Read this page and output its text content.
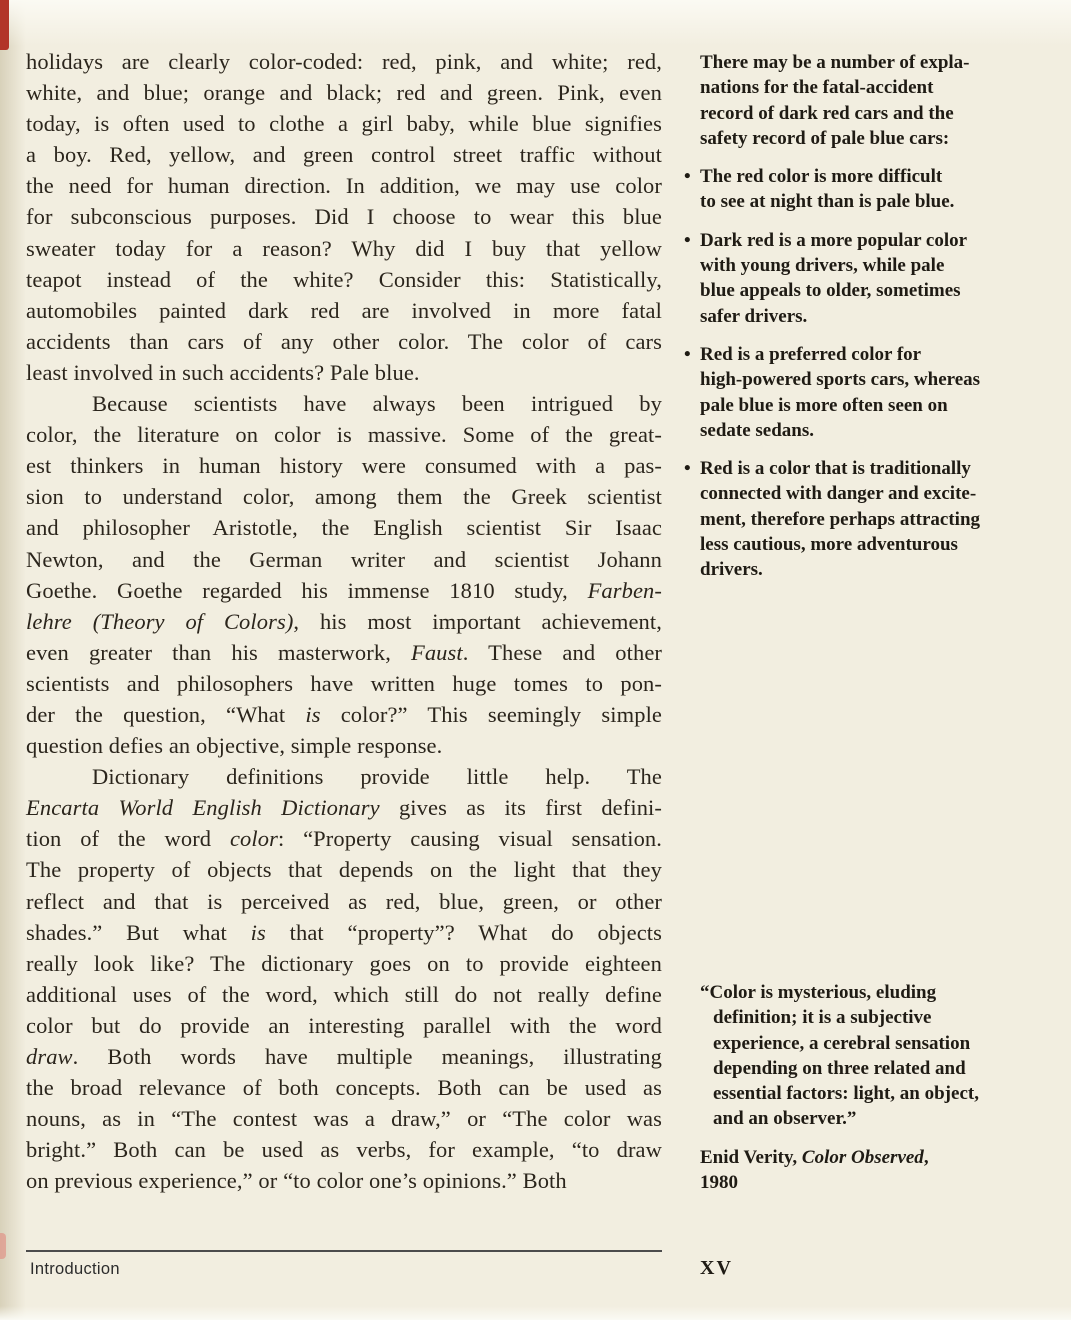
holidays are clearly color-coded: red, pink, and white; red,
white, and blue; orange and black; red and green. Pink, even
today, is often used to clothe a girl baby, while blue signifies
a boy. Red, yellow, and green control street traffic without
the need for human direction. In addition, we may use color
for subconscious purposes. Did I choose to wear this blue
sweater today for a reason? Why did I buy that yellow
teapot instead of the white? Consider this: Statistically,
automobiles painted dark red are involved in more fatal
accidents than cars of any other color. The color of cars
least involved in such accidents? Pale blue.
Because scientists have always been intrigued by
color, the literature on color is massive. Some of the great-
est thinkers in human history were consumed with a pas-
sion to understand color, among them the Greek scientist
and philosopher Aristotle, the English scientist Sir Isaac
Newton, and the German writer and scientist Johann
Goethe. Goethe regarded his immense 1810 study, Farben-
lehre (Theory of Colors), his most important achievement,
even greater than his masterwork, Faust. These and other
scientists and philosophers have written huge tomes to pon-
der the question, “What is color?” This seemingly simple
question defies an objective, simple response.
Dictionary definitions provide little help. The
Encarta World English Dictionary gives as its first defini-
tion of the word color: “Property causing visual sensation.
The property of objects that depends on the light that they
reflect and that is perceived as red, blue, green, or other
shades.” But what is that “property”? What do objects
really look like? The dictionary goes on to provide eighteen
additional uses of the word, which still do not really define
color but do provide an interesting parallel with the word
draw. Both words have multiple meanings, illustrating
the broad relevance of both concepts. Both can be used as
nouns, as in “The contest was a draw,” or “The color was
bright.” Both can be used as verbs, for example, “to draw
on previous experience,” or “to color one’s opinions.” Both
There may be a number of expla-
nations for the fatal-accident
record of dark red cars and the
safety record of pale blue cars:
• The red color is more difficult
to see at night than is pale blue.
• Dark red is a more popular color
with young drivers, while pale
blue appeals to older, sometimes
safer drivers.
• Red is a preferred color for
high-powered sports cars, whereas
pale blue is more often seen on
sedate sedans.
• Red is a color that is traditionally
connected with danger and excite-
ment, therefore perhaps attracting
less cautious, more adventurous
drivers.
“Color is mysterious, eluding
definition; it is a subjective
experience, a cerebral sensation
depending on three related and
essential factors: light, an object,
and an observer.”
Enid Verity, Color Observed,
1980
Introduction	XV
